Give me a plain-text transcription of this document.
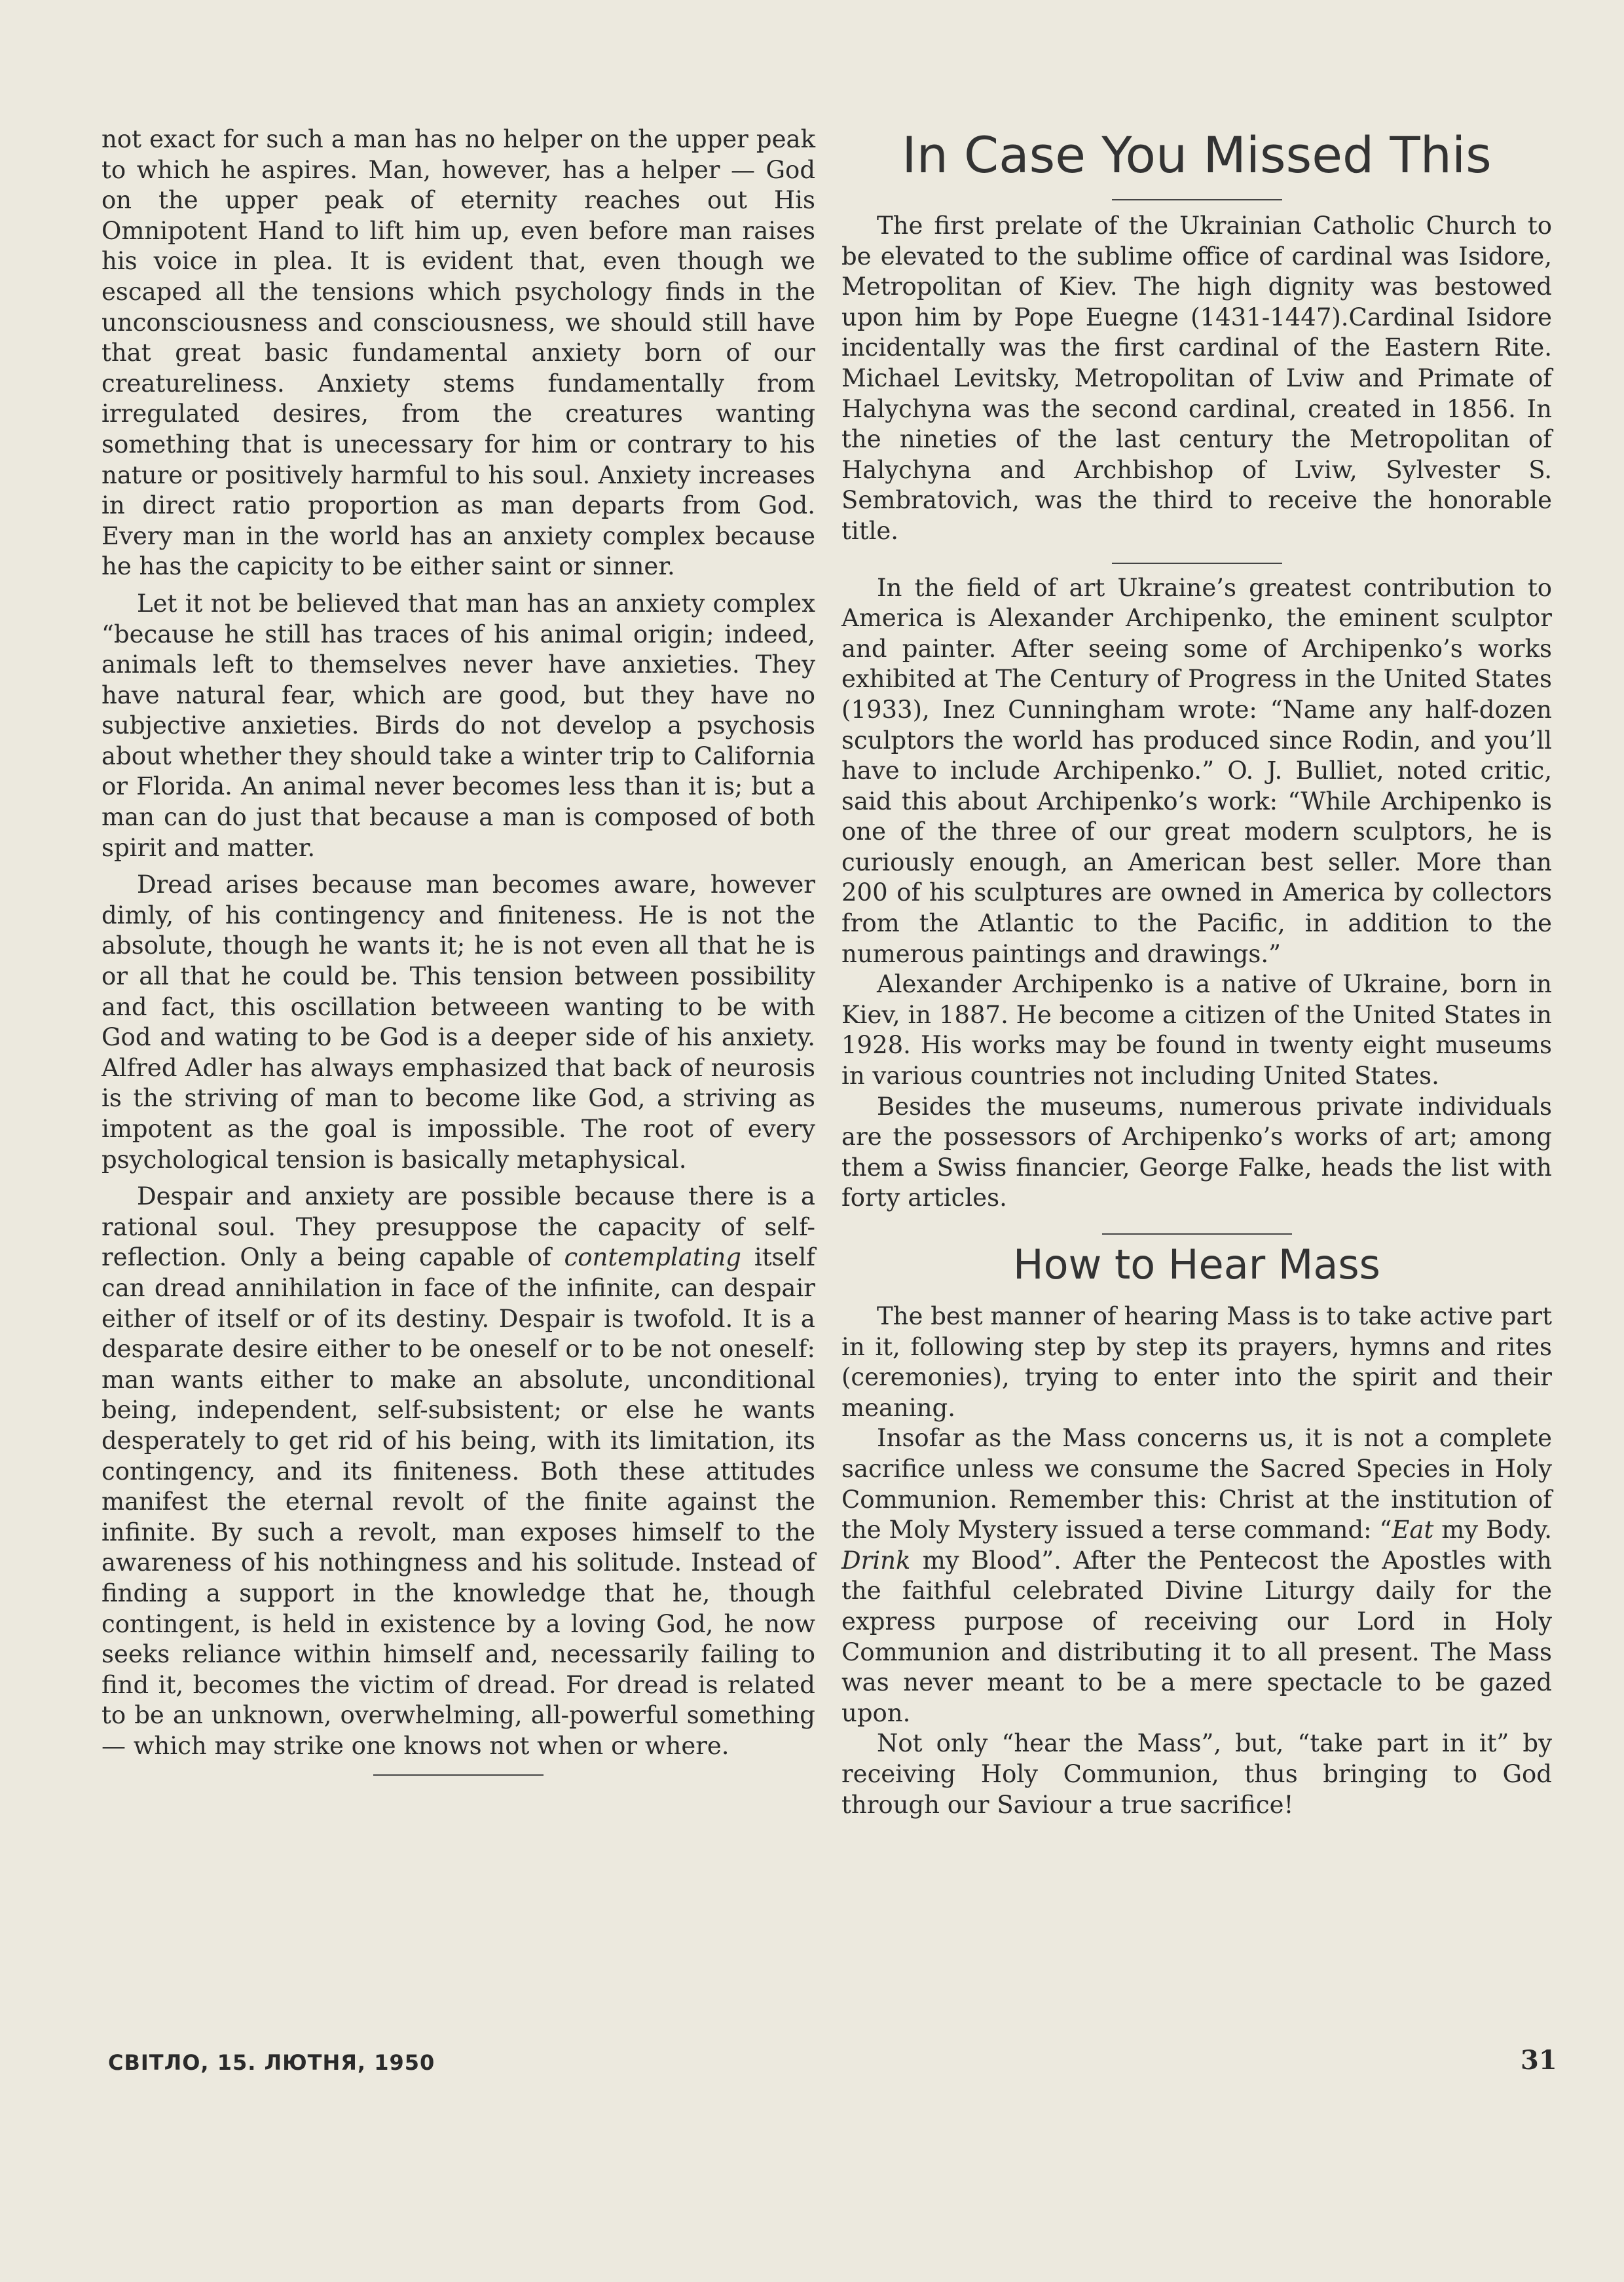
not exact for such a man has no helper on the upper peak to which he aspires. Man, however, has a helper — God on the upper peak of eternity reaches out His Omnipotent Hand to lift him up, even before man raises his voice in plea. It is evident that, even though we escaped all the tensions which psychology finds in the unconsciousness and consciousness, we should still have that great basic fundamental anxiety born of our creatureliness. Anxiety stems fundamentally from irregulated desires, from the creatures wanting something that is unecessary for him or contrary to his nature or positively harmful to his soul. Anxiety increases in direct ratio proportion as man departs from God. Every man in the world has an anxiety complex because he has the capicity to be either saint or sinner.

Let it not be believed that man has an anxiety complex “because he still has traces of his animal origin; indeed, animals left to themselves never have anxieties. They have natural fear, which are good, but they have no subjective anxieties. Birds do not develop a psychosis about whether they should take a winter trip to California or Florida. An animal never becomes less than it is; but a man can do just that because a man is composed of both spirit and matter.

Dread arises because man becomes aware, however dimly, of his contingency and finiteness. He is not the absolute, though he wants it; he is not even all that he is or all that he could be. This tension between possibility and fact, this oscillation betweeen wanting to be with God and wating to be God is a deeper side of his anxiety. Alfred Adler has always emphasized that back of neurosis is the striving of man to become like God, a striving as impotent as the goal is impossible. The root of every psychological tension is basically metaphysical.

Despair and anxiety are possible because there is a rational soul. They presuppose the capacity of self-reflection. Only a being capable of contemplating itself can dread annihilation in face of the infinite, can despair either of itself or of its destiny. Despair is twofold. It is a desparate desire either to be oneself or to be not oneself: man wants either to make an absolute, unconditional being, independent, self-subsistent; or else he wants desperately to get rid of his being, with its limitation, its contingency, and its finiteness. Both these attitudes manifest the eternal revolt of the finite against the infinite. By such a revolt, man exposes himself to the awareness of his nothingness and his solitude. Instead of finding a support in the knowledge that he, though contingent, is held in existence by a loving God, he now seeks reliance within himself and, necessarily failing to find it, becomes the victim of dread. For dread is related to be an unknown, overwhelming, all-powerful something — which may strike one knows not when or where.

In Case You Missed This

The first prelate of the Ukrainian Catholic Church to be elevated to the sublime office of cardinal was Isidore, Metropolitan of Kiev. The high dignity was bestowed upon him by Pope Euegne (1431-1447).Cardinal Isidore incidentally was the first cardinal of the Eastern Rite. Michael Levitsky, Metropolitan of Lviw and Primate of Halychyna was the second cardinal, created in 1856. In the nineties of the last century the Metropolitan of Halychyna and Archbishop of Lviw, Sylvester S. Sembratovich, was the third to receive the honorable title.

In the field of art Ukraine’s greatest contribution to America is Alexander Archipenko, the eminent sculptor and painter. After seeing some of Archipenko’s works exhibited at The Century of Progress in the United States (1933), Inez Cunningham wrote: “Name any half-dozen sculptors the world has produced since Rodin, and you’ll have to include Archipenko.” O. J. Bulliet, noted critic, said this about Archipenko’s work: “While Archipenko is one of the three of our great modern sculptors, he is curiously enough, an American best seller. More than 200 of his sculptures are owned in America by collectors from the Atlantic to the Pacific, in addition to the numerous paintings and drawings.”

Alexander Archipenko is a native of Ukraine, born in Kiev, in 1887. He become a citizen of the United States in 1928. His works may be found in twenty eight museums in various countries not including United States.

Besides the museums, numerous private individuals are the possessors of Archipenko’s works of art; among them a Swiss financier, George Falke, heads the list with forty articles.

How to Hear Mass

The best manner of hearing Mass is to take active part in it, following step by step its prayers, hymns and rites (ceremonies), trying to enter into the spirit and their meaning.

Insofar as the Mass concerns us, it is not a complete sacrifice unless we consume the Sacred Species in Holy Communion. Remember this: Christ at the institution of the Moly Mystery issued a terse command: “Eat my Body. Drink my Blood”. After the Pentecost the Apostles with the faithful celebrated Divine Liturgy daily for the express purpose of receiving our Lord in Holy Communion and distributing it to all present. The Mass was never meant to be a mere spectacle to be gazed upon.

Not only “hear the Mass”, but, “take part in it” by receiving Holy Communion, thus bringing to God through our Saviour a true sacrifice!

СВІТЛО, 15. ЛЮТНЯ, 1950	31
